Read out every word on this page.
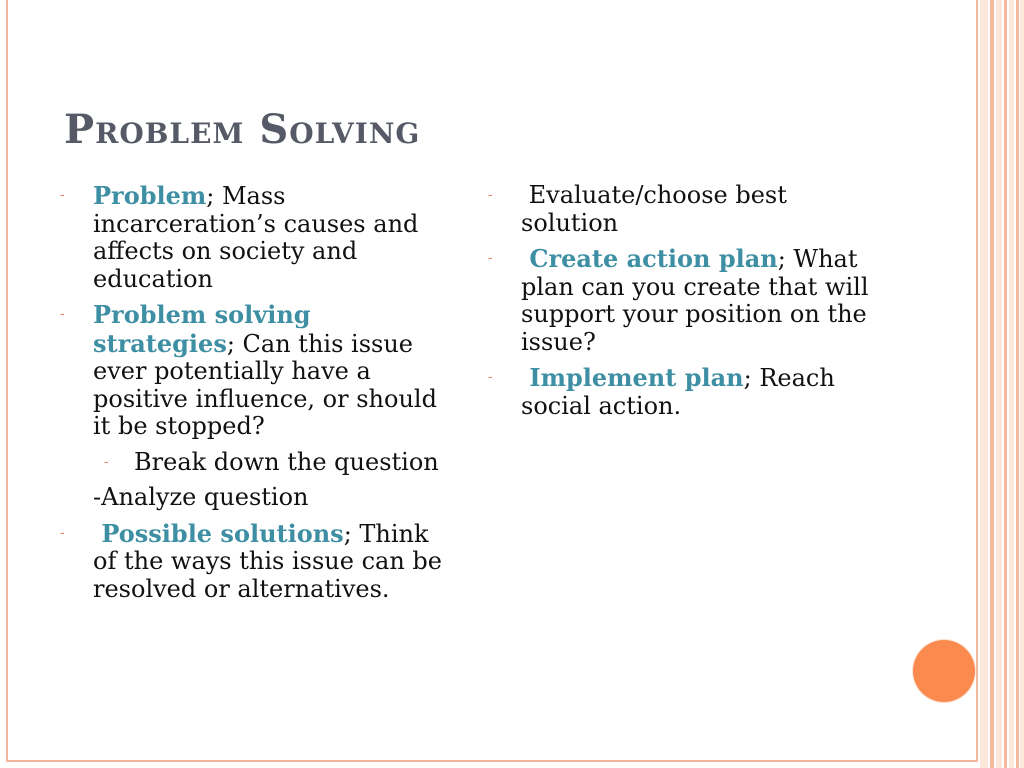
Problem Solving
- Problem; Mass incarceration’s causes and affects on society and education
- Problem solving strategies; Can this issue ever potentially have a positive influence, or should it be stopped?
- Break down the question
-Analyze question
- Possible solutions; Think of the ways this issue can be resolved or alternatives.
- Evaluate/choose best solution
- Create action plan; What plan can you create that will support your position on the issue?
- Implement plan; Reach social action.
